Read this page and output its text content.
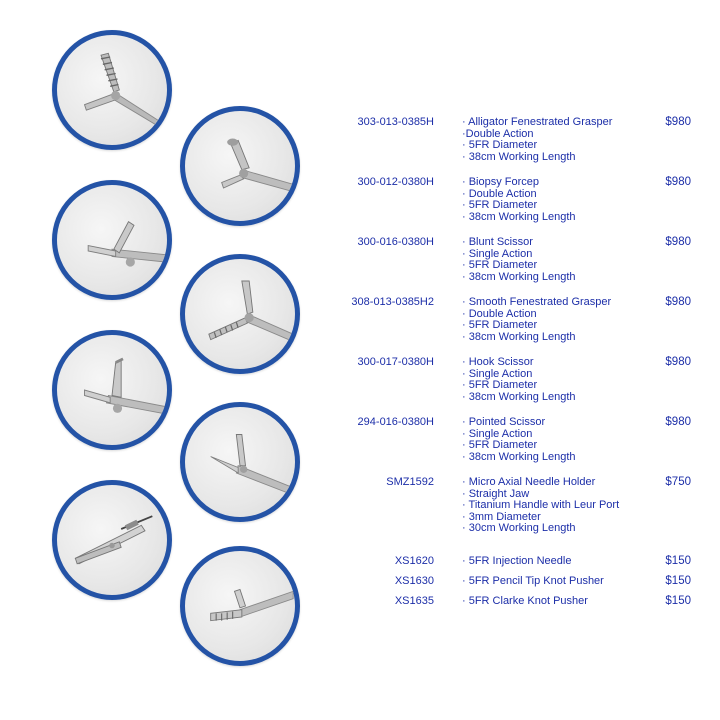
303-013-0385H	· Alligator Fenestrated Grasper
·Double Action
· 5FR Diameter
· 38cm Working Length
$980
300-012-0380H	· Biopsy Forcep
· Double Action
· 5FR Diameter
· 38cm Working Length
$980
300-016-0380H	· Blunt Scissor
· Single Action
· 5FR Diameter
· 38cm Working Length
$980
308-013-0385H2	· Smooth Fenestrated Grasper
· Double Action
· 5FR Diameter
· 38cm Working Length
$980
300-017-0380H	· Hook Scissor
· Single Action
· 5FR Diameter
· 38cm Working Length
$980
294-016-0380H	· Pointed Scissor
· Single Action
· 5FR Diameter
· 38cm Working Length
$980
SMZ1592	· Micro Axial Needle Holder
· Straight Jaw
· Titanium Handle with Leur Port
· 3mm Diameter
· 30cm Working Length
$750
XS1620	· 5FR Injection Needle	$150
XS1630	· 5FR Pencil Tip Knot Pusher	$150
XS1635	· 5FR Clarke Knot Pusher	$150
